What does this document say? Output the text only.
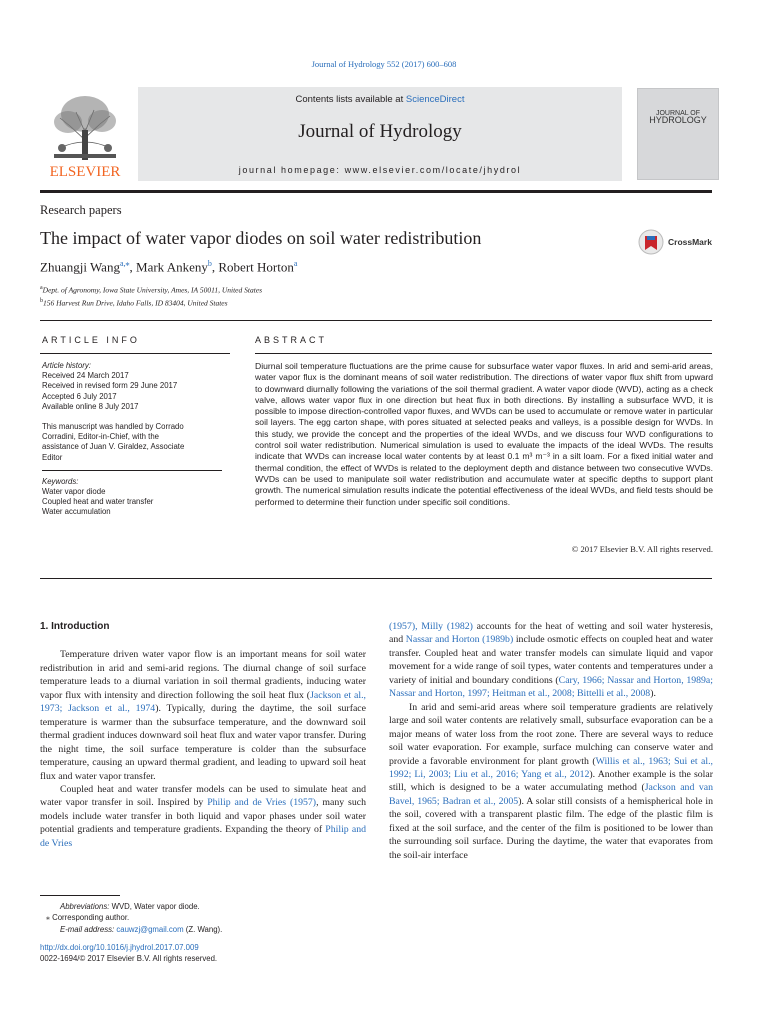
Journal of Hydrology 552 (2017) 600–608
ELSEVIER
Contents lists available at ScienceDirect
Journal of Hydrology
journal homepage: www.elsevier.com/locate/jhydrol
JOURNAL OF
HYDROLOGY
Research papers
The impact of water vapor diodes on soil water redistribution	CrossMark
Zhuangji Wang$^{a,⁎}$, Mark Ankeny$^b$, Robert Horton$^a$
$^a$Dept. of Agronomy, Iowa State University, Ames, IA 50011, United States
$^b$156 Harvest Run Drive, Idaho Falls, ID 83404, United States
ARTICLE INFO	ABSTRACT
Article history:
Received 24 March 2017
Received in revised form 29 June 2017
Accepted 6 July 2017
Available online 8 July 2017
This manuscript was handled by Corrado
Corradini, Editor-in-Chief, with the
assistance of Juan V. Giraldez, Associate
Editor
Keywords:
Water vapor diode
Coupled heat and water transfer
Water accumulation
Diurnal soil temperature fluctuations are the prime cause for subsurface water vapor fluxes. In arid and semi-arid areas, water vapor flux is the dominant means of soil water redistribution. The directions of water vapor flux shift from upward to downward diurnally following the variations of the soil thermal gradient. A water vapor diode (WVD), acting as a check valve, allows water vapor flux in one direction but heat flux in both directions. By installing a subsurface WVD, it is possible to impose direction-controlled vapor fluxes, and WVDs can be used to accumulate or remove water in particular soil layers. The egg carton shape, with pores situated at selected peaks and valleys, is a possible design for WVDs. In this study, we provide the concept and the properties of the ideal WVDs, and we discuss four WVD configurations to control soil water redistribution. Numerical simulation is used to evaluate the impacts of the ideal WVDs. The results indicate that WVDs can increase local water contents by at least 0.1 m³ m⁻³ in a silt loam. For a fixed initial water and thermal condition, the effect of WVDs is related to the deployment depth and distance between two consecutive WVDs. WVDs can be used to manipulate soil water redistribution and accumulate water at specific depths to support plant growth. The numerical simulation results indicate the potential effectiveness of the ideal WVDs, and field tests should be performed to determine their function under specific soil conditions.
© 2017 Elsevier B.V. All rights reserved.

1. Introduction

Temperature driven water vapor flow is an important means for soil water redistribution in arid and semi-arid regions. The diurnal change of soil surface temperature leads to a diurnal variation in soil thermal gradients, inducing water vapor flux with intensity and direction following the soil heat flux (Jackson et al., 1973; Jackson et al., 1974). Typically, during the daytime, the soil surface temperature is warmer than the subsurface temperature, and the downward soil thermal gradient induces downward soil heat flux and water vapor transfer. During the night time, the soil surface temperature is colder than the subsurface temperature, causing an upward thermal gradient, and leading to upward soil heat flux and water vapor transfer.

Coupled heat and water transfer models can be used to simulate heat and water vapor transfer in soil. Inspired by Philip and de Vries (1957), many such models include water transfer in both liquid and vapor phases under soil water potential gradients and temperature gradients. Expanding the theory of Philip and de Vries

(1957), Milly (1982) accounts for the heat of wetting and soil water hysteresis, and Nassar and Horton (1989b) include osmotic effects on coupled heat and water transfer. Coupled heat and water transfer models can simulate liquid and vapor movement for a wide range of soil types, water contents and temperatures under a variety of initial and boundary conditions (Cary, 1966; Nassar and Horton, 1989a; Nassar and Horton, 1997; Heitman et al., 2008; Bittelli et al., 2008).

In arid and semi-arid areas where soil temperature gradients are relatively large and soil water contents are relatively small, subsurface evaporation can be a major means of water loss from the root zone. There are several ways to reduce soil water evaporation. For example, surface mulching can conserve water and provide a favorable environment for plant growth (Willis et al., 1963; Sui et al., 1992; Li, 2003; Liu et al., 2016; Yang et al., 2012). Another example is the solar still, which is designed to be a water accumulating method (Jackson and van Bavel, 1965; Badran et al., 2005). A solar still consists of a hemispherical hole in the soil, covered with a transparent plastic film. The edge of the plastic film is fixed at the soil surface, and the center of the film is positioned to be lower than the surrounding soil surface. During the daytime, the water that evaporates from the soil-air interface

Abbreviations: WVD, Water vapor diode.
⁎ Corresponding author.
E-mail address: cauwzj@gmail.com (Z. Wang).
http://dx.doi.org/10.1016/j.jhydrol.2017.07.009
0022-1694/© 2017 Elsevier B.V. All rights reserved.
